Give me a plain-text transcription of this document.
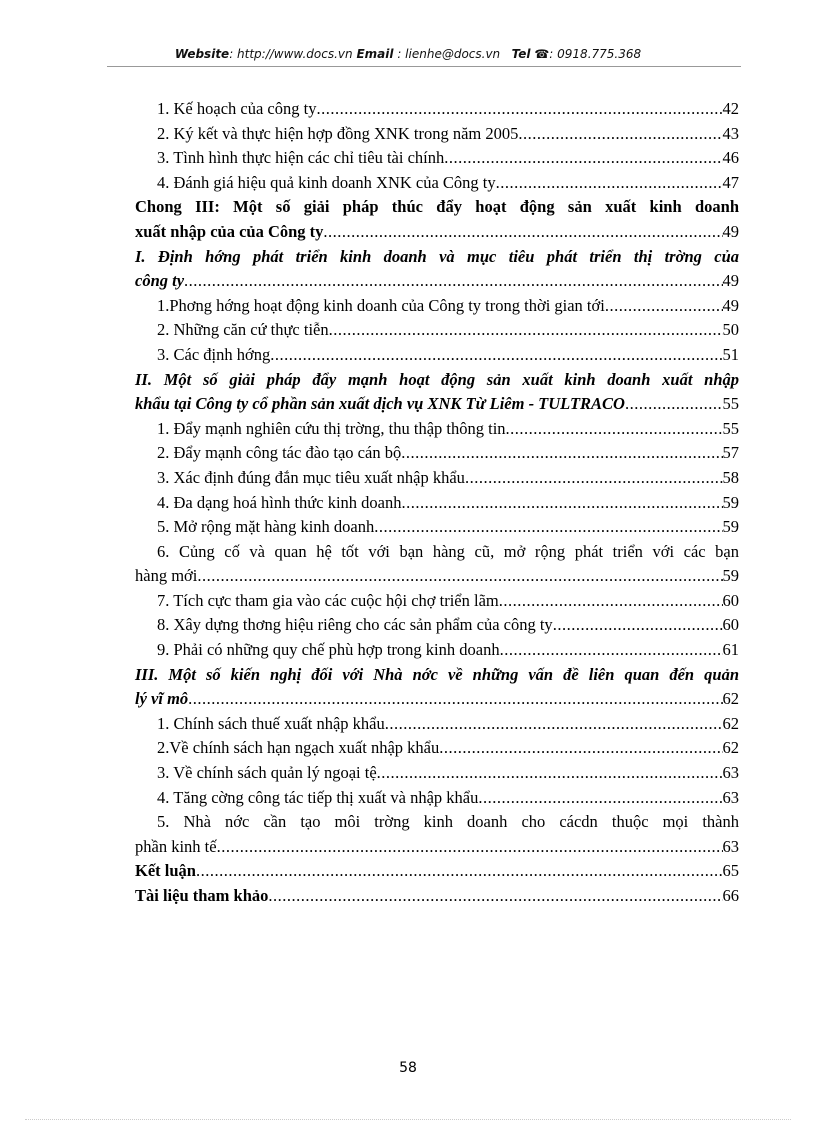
Website: http://www.docs.vn Email : lienhe@docs.vn Tel ☎: 0918.775.368
1. Kế hoạch của công ty .....	42
2. Ký kết và thực hiện hợp đồng XNK trong năm 2005 .....	43
3. Tình hình thực hiện các chỉ tiêu tài chính .....	46
4. Đánh giá hiệu quả kinh doanh XNK của Công ty .....	47
Chong III: Một số giải pháp thúc đẩy hoạt động sản xuất kinh doanh
xuất nhập của của Công ty .....	49
I. Định hớng phát triển kinh doanh và mục tiêu phát triển thị trờng của
công ty .....	49
1.Phơng hớng hoạt động kinh doanh của Công ty trong thời gian tới .....	49
2. Những căn cứ thực tiễn .....	50
3. Các định hớng .....	51
II. Một số giải pháp đẩy mạnh hoạt động sản xuất kinh doanh xuất nhập
khẩu tại Công ty cổ phần sản xuất dịch vụ XNK Từ Liêm - TULTRACO .....	55
1. Đẩy mạnh nghiên cứu thị trờng, thu thập thông tin .....	55
2. Đẩy mạnh công tác đào tạo cán bộ .....	57
3. Xác định đúng đắn mục tiêu xuất nhập khẩu .....	58
4. Đa dạng hoá hình thức kinh doanh .....	59
5. Mở rộng mặt hàng kinh doanh .....	59
6. Củng cố và quan hệ tốt với bạn hàng cũ, mở rộng phát triển với các bạn
hàng mới .....	59
7. Tích cực tham gia vào các cuộc hội chợ triển lãm .....	60
8. Xây dựng thơng hiệu riêng cho các sản phẩm của công ty .....	60
9. Phải có những quy chế phù hợp trong kinh doanh .....	61
III. Một số kiến nghị đối với Nhà nớc về những vấn đề liên quan đến quản
lý vĩ mô .....	62
1. Chính sách thuế xuất nhập khẩu .....	62
2.Về chính sách hạn ngạch xuất nhập khẩu .....	62
3. Về chính sách quản lý ngoại tệ .....	63
4. Tăng cờng công tác tiếp thị xuất và nhập khẩu .....	63
5. Nhà nớc cần tạo môi trờng kinh doanh cho cácdn thuộc mọi thành
phần kinh tế .....	63
Kết luận .....	65
Tài liệu tham khảo .....	66
58
